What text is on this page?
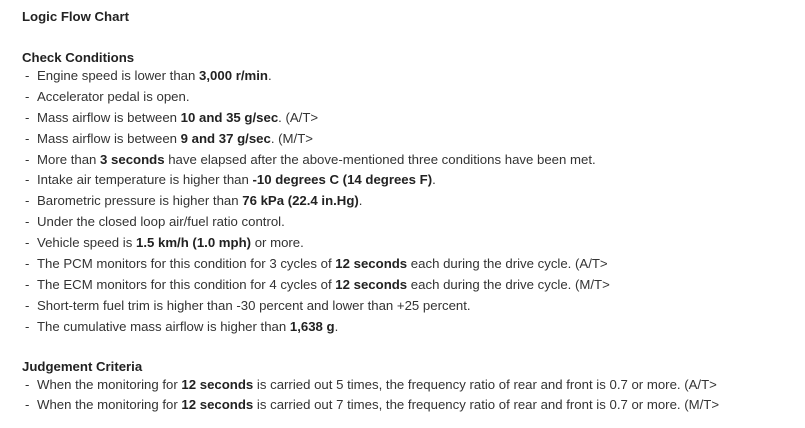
Logic Flow Chart
Check Conditions
- Engine speed is lower than 3,000 r/min.
- Accelerator pedal is open.
- Mass airflow is between 10 and 35 g/sec. (A/T>
- Mass airflow is between 9 and 37 g/sec. (M/T>
- More than 3 seconds have elapsed after the above-mentioned three conditions have been met.
- Intake air temperature is higher than -10 degrees C (14 degrees F).
- Barometric pressure is higher than 76 kPa (22.4 in.Hg).
- Under the closed loop air/fuel ratio control.
- Vehicle speed is 1.5 km/h (1.0 mph) or more.
- The PCM monitors for this condition for 3 cycles of 12 seconds each during the drive cycle. (A/T>
- The ECM monitors for this condition for 4 cycles of 12 seconds each during the drive cycle. (M/T>
- Short-term fuel trim is higher than -30 percent and lower than +25 percent.
- The cumulative mass airflow is higher than 1,638 g.
Judgement Criteria
- When the monitoring for 12 seconds is carried out 5 times, the frequency ratio of rear and front is 0.7 or more. (A/T>
- When the monitoring for 12 seconds is carried out 7 times, the frequency ratio of rear and front is 0.7 or more. (M/T>
